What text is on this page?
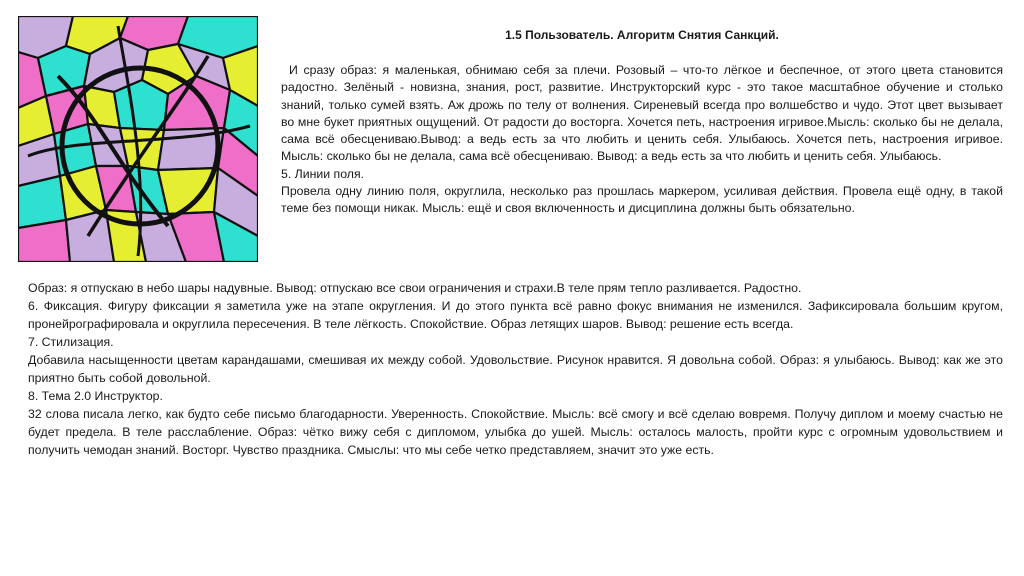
1.5 Пользователь. Алгоритм Снятия Санкций.

И сразу образ: я маленькая, обнимаю себя за плечи. Розовый – что-то лёгкое и беспечное, от этого цвета становится радостно. Зелёный - новизна, знания, рост, развитие. Инструкторский курс - это такое масштабное обучение и столько знаний, только сумей взять. Аж дрожь по телу от волнения. Сиреневый всегда про волшебство и чудо. Этот цвет вызывает во мне букет приятных ощущений. От радости до восторга. Хочется петь, настроения игривое.Мысль: сколько бы не делала, сама всё обесцениваю.Вывод: а ведь есть за что любить и ценить себя. Улыбаюсь. Хочется петь, настроения игривое. Мысль: сколько бы не делала, сама всё обесцениваю. Вывод: а ведь есть за что любить и ценить себя. Улыбаюсь.

5. Линии поля.

Провела одну линию поля, округлила, несколько раз прошлась маркером, усиливая действия. Провела ещё одну, в такой теме без помощи никак. Мысль: ещё и своя включенность и дисциплина должны быть обязательно.

Образ: я отпускаю в небо шары надувные. Вывод: отпускаю все свои ограничения и страхи.В теле прям тепло разливается. Радостно.

6. Фиксация. Фигуру фиксации я заметила уже на этапе округления. И до этого пункта всё равно фокус внимания не изменился. Зафиксировала большим кругом, пронейрографировала и округлила пересечения. В теле лёгкость. Спокойствие. Образ летящих шаров. Вывод: решение есть всегда.

7. Стилизация.

Добавила насыщенности цветам карандашами, смешивая их между собой. Удовольствие. Рисунок нравится. Я довольна собой. Образ: я улыбаюсь. Вывод: как же это приятно быть собой довольной.

8. Тема 2.0 Инструктор.

32 слова писала легко, как будто себе письмо благодарности. Уверенность. Спокойствие. Мысль: всё смогу и всё сделаю вовремя. Получу диплом и моему счастью не будет предела. В теле расслабление. Образ: чётко вижу себя с дипломом, улыбка до ушей. Мысль: осталось малость, пройти курс с огромным удовольствием и получить чемодан знаний. Восторг. Чувство праздника. Смыслы: что мы себе четко представляем, значит это уже есть.
